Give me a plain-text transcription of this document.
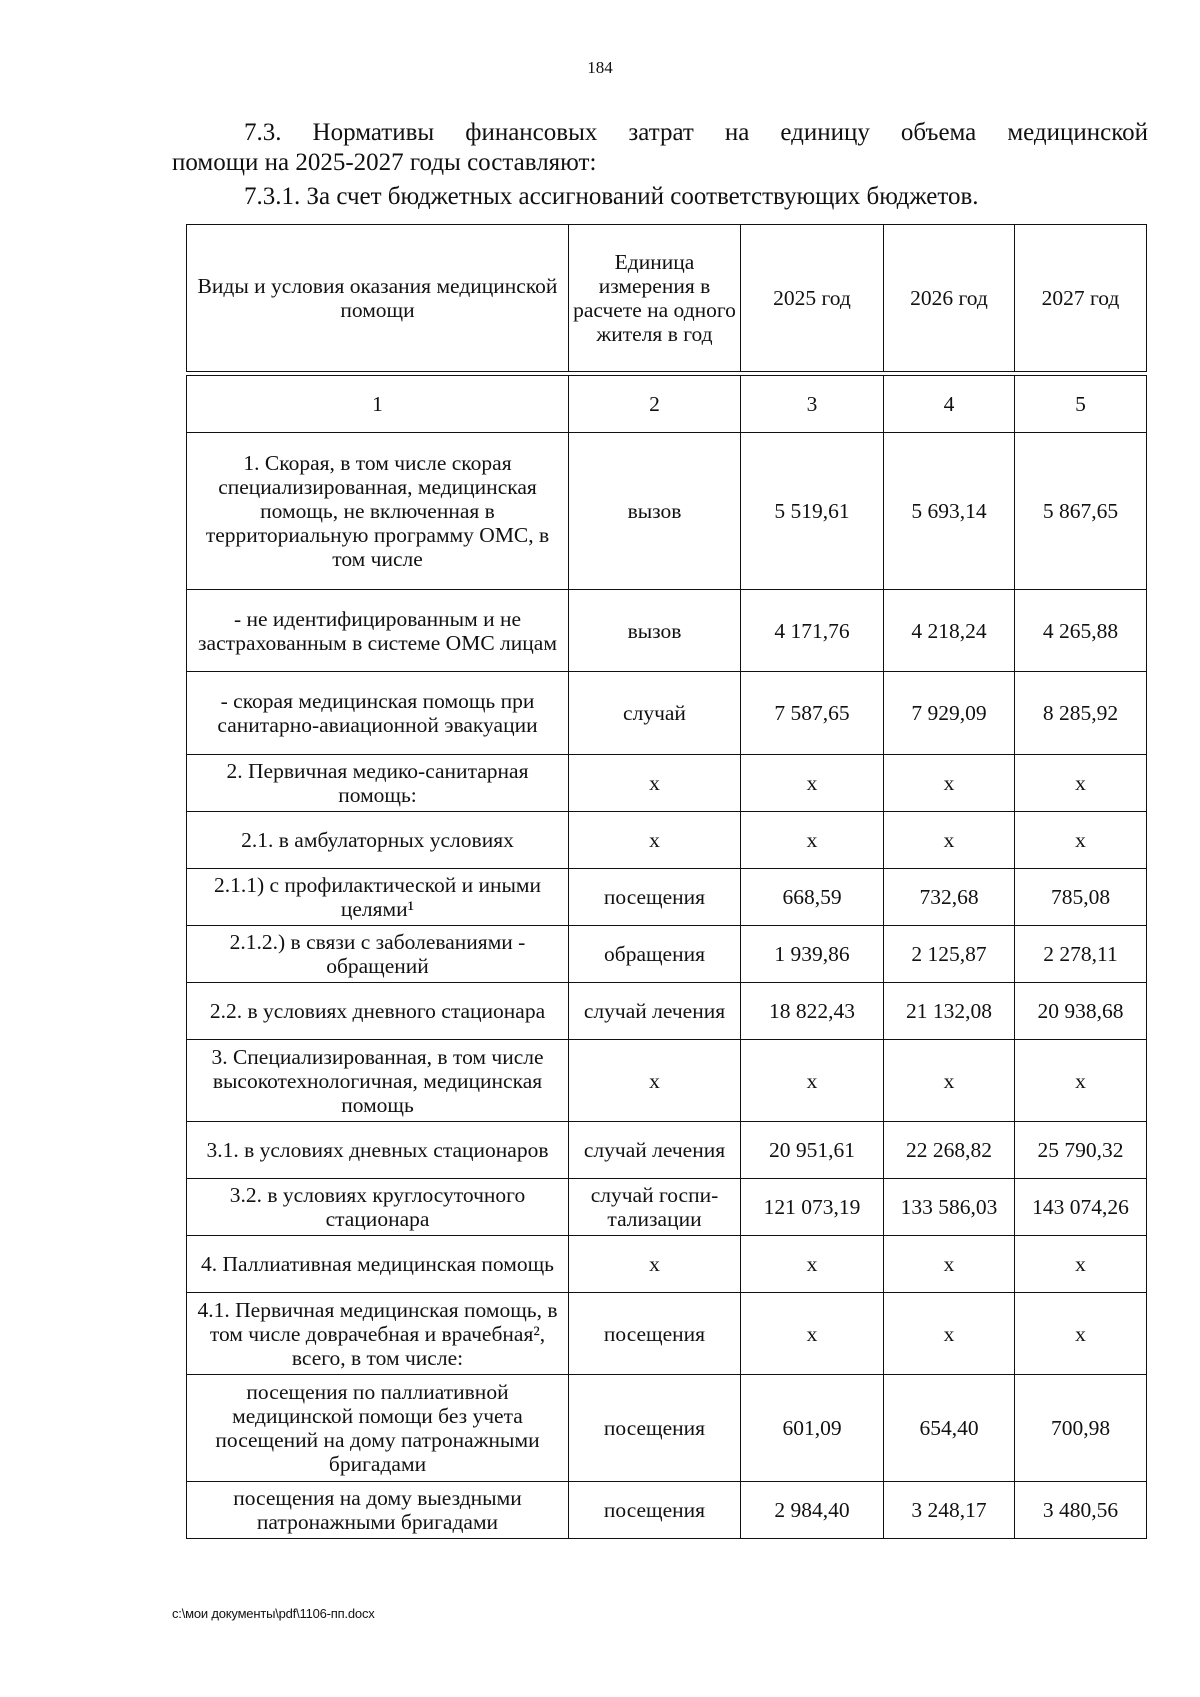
184
7.3. Нормативы финансовых затрат на единицу объема медицинской
помощи на 2025-2027 годы составляют:
7.3.1. За счет бюджетных ассигнований соответствующих бюджетов.
Виды и условия оказания медицинской помощи	Единица измерения в расчете на одного жителя в год	2025 год	2026 год	2027 год
1	2	3	4	5
1. Скорая, в том числе скорая специализированная, медицинская помощь, не включенная в территориальную программу ОМС, в том числе	вызов	5 519,61	5 693,14	5 867,65
- не идентифицированным и не застрахованным в системе ОМС лицам	вызов	4 171,76	4 218,24	4 265,88
- скорая медицинская помощь при санитарно-авиационной эвакуации	случай	7 587,65	7 929,09	8 285,92
2. Первичная медико-санитарная помощь:	х	х	х	х
2.1. в амбулаторных условиях	х	х	х	х
2.1.1) с профилактической и иными целями¹	посещения	668,59	732,68	785,08
2.1.2.) в связи с заболеваниями - обращений	обращения	1 939,86	2 125,87	2 278,11
2.2. в условиях дневного стационара	случай лечения	18 822,43	21 132,08	20 938,68
3. Специализированная, в том числе высокотехнологичная, медицинская помощь	х	х	х	х
3.1. в условиях дневных стационаров	случай лечения	20 951,61	22 268,82	25 790,32
3.2. в условиях круглосуточного стационара	случай госпи-тализации	121 073,19	133 586,03	143 074,26
4. Паллиативная медицинская помощь	х	х	х	х
4.1. Первичная медицинская помощь, в том числе доврачебная и врачебная², всего, в том числе:	посещения	х	х	х
посещения по паллиативной медицинской помощи без учета посещений на дому патронажными бригадами	посещения	601,09	654,40	700,98
посещения на дому выездными патронажными бригадами	посещения	2 984,40	3 248,17	3 480,56
c:\мои документы\pdf\1106-пп.docx
